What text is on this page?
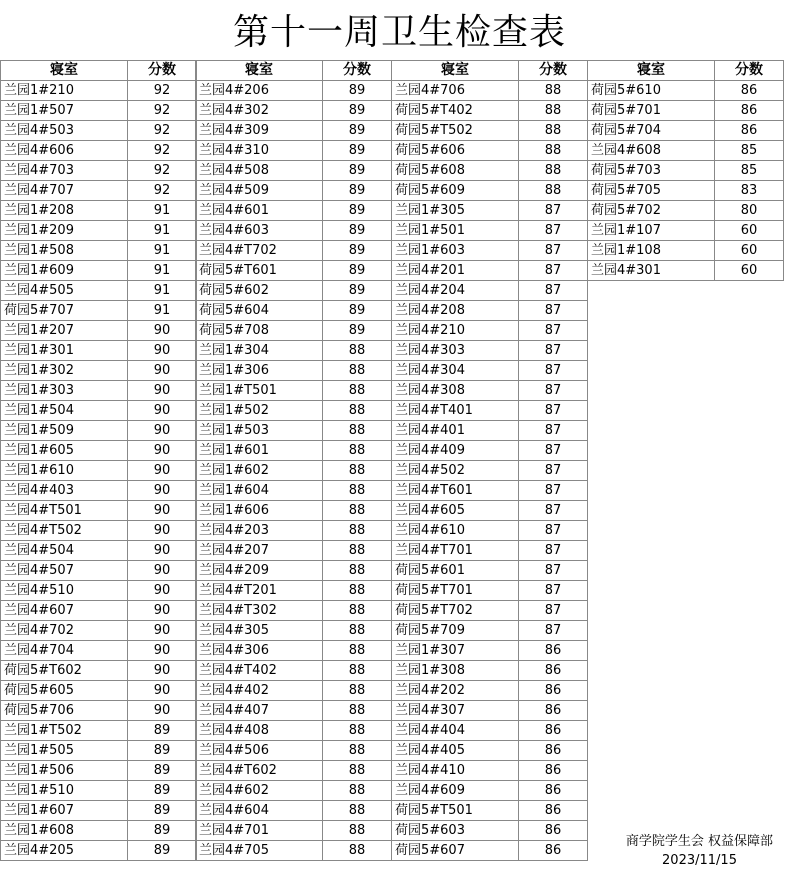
第十一周卫生检查表
寝室	分数
兰园1#210	92
兰园1#507	92
兰园4#503	92
兰园4#606	92
兰园4#703	92
兰园4#707	92
兰园1#208	91
兰园1#209	91
兰园1#508	91
兰园1#609	91
兰园4#505	91
荷园5#707	91
兰园1#207	90
兰园1#301	90
兰园1#302	90
兰园1#303	90
兰园1#504	90
兰园1#509	90
兰园1#605	90
兰园1#610	90
兰园4#403	90
兰园4#T501	90
兰园4#T502	90
兰园4#504	90
兰园4#507	90
兰园4#510	90
兰园4#607	90
兰园4#702	90
兰园4#704	90
荷园5#T602	90
荷园5#605	90
荷园5#706	90
兰园1#T502	89
兰园1#505	89
兰园1#506	89
兰园1#510	89
兰园1#607	89
兰园1#608	89
兰园4#205	89
寝室	分数
兰园4#206	89
兰园4#302	89
兰园4#309	89
兰园4#310	89
兰园4#508	89
兰园4#509	89
兰园4#601	89
兰园4#603	89
兰园4#T702	89
荷园5#T601	89
荷园5#602	89
荷园5#604	89
荷园5#708	89
兰园1#304	88
兰园1#306	88
兰园1#T501	88
兰园1#502	88
兰园1#503	88
兰园1#601	88
兰园1#602	88
兰园1#604	88
兰园1#606	88
兰园4#203	88
兰园4#207	88
兰园4#209	88
兰园4#T201	88
兰园4#T302	88
兰园4#305	88
兰园4#306	88
兰园4#T402	88
兰园4#402	88
兰园4#407	88
兰园4#408	88
兰园4#506	88
兰园4#T602	88
兰园4#602	88
兰园4#604	88
兰园4#701	88
兰园4#705	88
寝室	分数
兰园4#706	88
荷园5#T402	88
荷园5#T502	88
荷园5#606	88
荷园5#608	88
荷园5#609	88
兰园1#305	87
兰园1#501	87
兰园1#603	87
兰园4#201	87
兰园4#204	87
兰园4#208	87
兰园4#210	87
兰园4#303	87
兰园4#304	87
兰园4#308	87
兰园4#T401	87
兰园4#401	87
兰园4#409	87
兰园4#502	87
兰园4#T601	87
兰园4#605	87
兰园4#610	87
兰园4#T701	87
荷园5#601	87
荷园5#T701	87
荷园5#T702	87
荷园5#709	87
兰园1#307	86
兰园1#308	86
兰园4#202	86
兰园4#307	86
兰园4#404	86
兰园4#405	86
兰园4#410	86
兰园4#609	86
荷园5#T501	86
荷园5#603	86
荷园5#607	86
寝室	分数
荷园5#610	86
荷园5#701	86
荷园5#704	86
兰园4#608	85
荷园5#703	85
荷园5#705	83
荷园5#702	80
兰园1#107	60
兰园1#108	60
兰园4#301	60
商学院学生会 权益保障部
2023/11/15
